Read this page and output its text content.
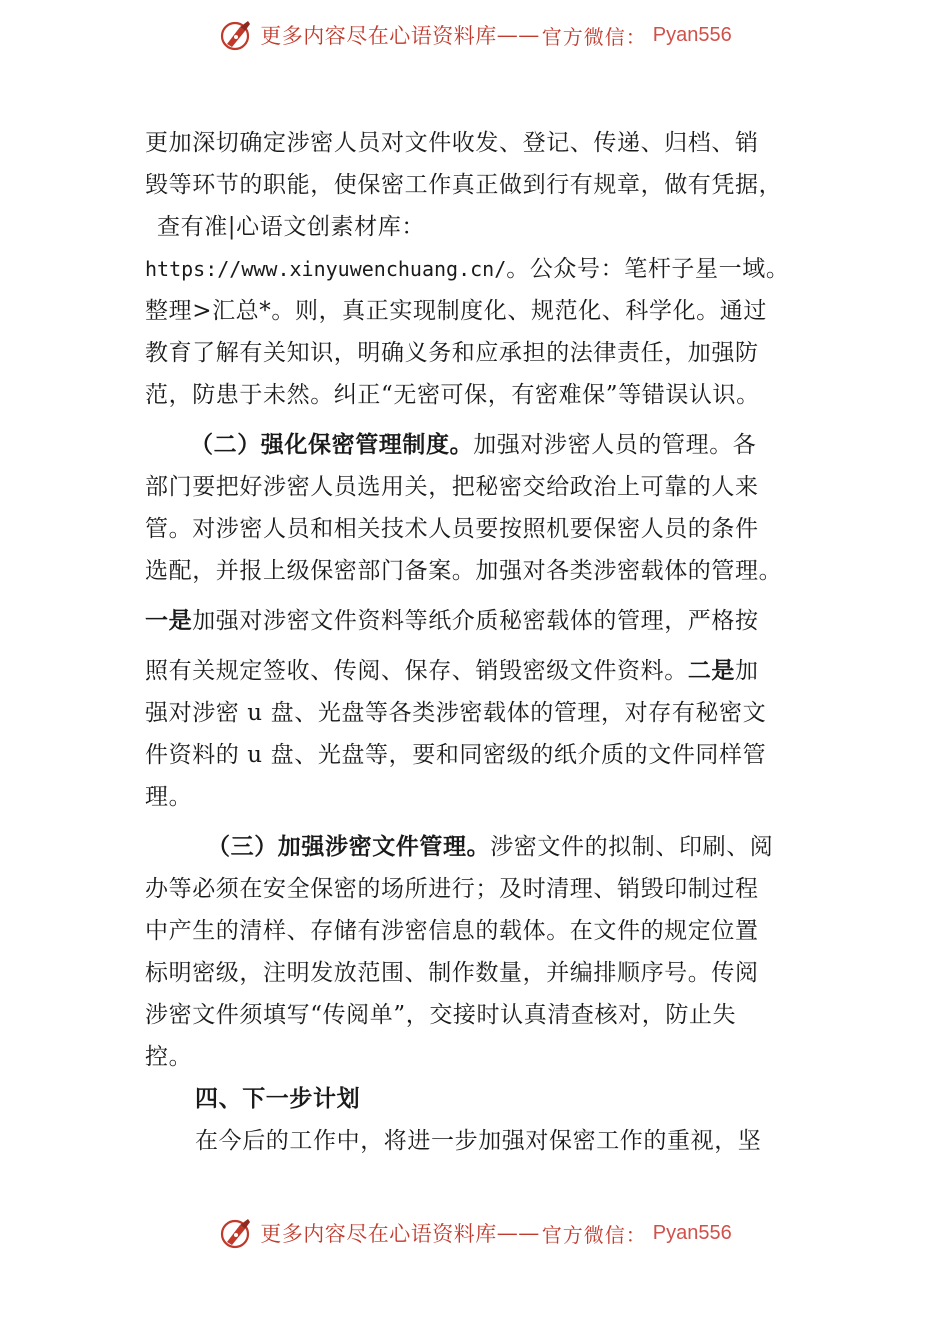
更多内容尽在心语资料库 —— 官方微信： Pyan556
更加深切确定涉密人员对文件收发、登记、传递、归档、销
毁等环节的职能，使保密工作真正做到行有规章，做有凭据，
查有准|心语文创素材库：
https://www.xinyuwenchuang.cn/。公众号：笔杆子星一域。
整理>汇总*。则，真正实现制度化、规范化、科学化。通过
教育了解有关知识，明确义务和应承担的法律责任，加强防
范，防患于未然。纠正“无密可保，有密难保”等错误认识。
（二）强化保密管理制度。加强对涉密人员的管理。各
部门要把好涉密人员选用关，把秘密交给政治上可靠的人来
管。对涉密人员和相关技术人员要按照机要保密人员的条件
选配，并报上级保密部门备案。加强对各类涉密载体的管理。
一是加强对涉密文件资料等纸介质秘密载体的管理，严格按
照有关规定签收、传阅、保存、销毁密级文件资料。二是加
强对涉密 u 盘、光盘等各类涉密载体的管理，对存有秘密文
件资料的 u 盘、光盘等，要和同密级的纸介质的文件同样管
理。
（三）加强涉密文件管理。涉密文件的拟制、印刷、阅
办等必须在安全保密的场所进行；及时清理、销毁印制过程
中产生的清样、存储有涉密信息的载体。在文件的规定位置
标明密级，注明发放范围、制作数量，并编排顺序号。传阅
涉密文件须填写“传阅单”，交接时认真清查核对，防止失
控。
四、下一步计划
在今后的工作中，将进一步加强对保密工作的重视，坚
更多内容尽在心语资料库 —— 官方微信： Pyan556
